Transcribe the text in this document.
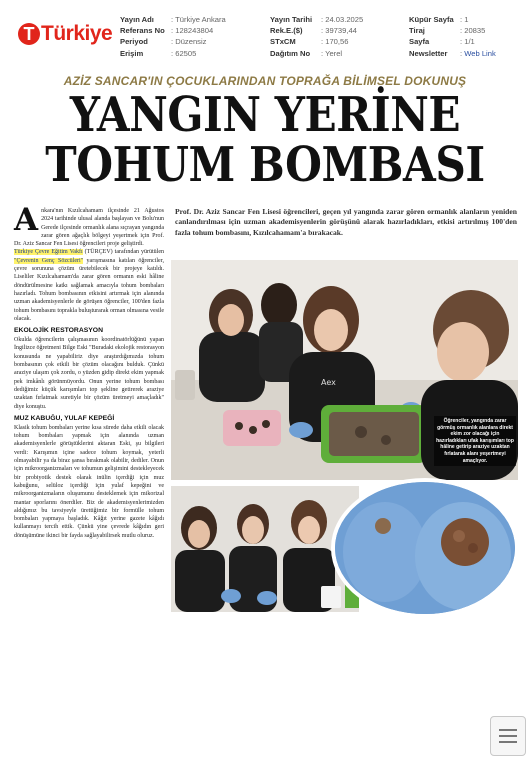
T Türkiye
Yayın Adı	: Türkiye Ankara
Referans No : 128243804
Periyod	: Düzensiz
Erişim	: 62505
Yayın Tarihi	: 24.03.2025
Rek.E.($)	: 39739,44
STxCM	: 170,56
Dağıtım No	: Yerel
Küpür Sayfa : 1
Tiraj	: 20835
Sayfa	: 1/1
Newsletter	: Web Link
AZİZ SANCAR'IN ÇOCUKLARINDAN TOPRAĞA BİLİMSEL DOKUNUŞ
YANGIN YERİNE
TOHUM BOMBASI

Ankara'nın Kızılcahamam ilçesinde 21 Ağustos 2024 tarihinde ulusal alanda başlayan ve Bolu'nun Gerede ilçesinde ormanlık alana sıçrayan yangında zarar gören ağaçlık bölgeyi yeşertmek için Prof. Dr. Aziz Sancar Fen Lisesi öğrencileri proje geliştirdi.

Türkiye Çevre Eğitim Vakfı (TÜRÇEV) tarafından yürütülen "Çevrenin Genç Sözcüleri" yarışmasına katılan öğrenciler, çevre sorununa çözüm üretebilecek bir projeye katıldı. Liseliler Kızılcahamam'da zarar gören ormanın eski hâline döndürülmesine katkı sağlamak amacıyla tohum bombaları hazırladı. Tohum bombasının etkisini artırmak için alanında uzman akademisyenlerle de görüşen öğrenciler, 100'den fazla tohum bombasını toprakla buluşturarak orman olmasına vesile olacak.

EKOLOJİK RESTORASYON

Okulda öğrencilerin çalışmasının koordinatörlüğünü yapan İngilizce öğretmeni Bilge Eski "Buradaki ekolojik restorasyon konusunda ne yapabiliriz diye araştırdığımızda tohum bombasının çok etkili bir çözüm olacağını bulduk. Çünkü araziye ulaşım çok zordu, o yüzden gidip direkt ekim yapmak pek imkânlı görünmüyordu. Onun yerine tohum bombası dediğimiz küçük karışımları top şekline getirerek araziye uzaktan fırlatmak suretiyle bir çözüm üretmeyi amaçladık" diye konuştu.

MUZ KABUĞU, YULAF KEPEĞİ

Klasik tohum bombaları yerine kısa sürede daha etkili olacak tohum bombaları yapmak için alanında uzman akademisyenlerle görüştüklerini aktaran Eski, şu bilgileri verdi: Karışımın içine sadece tohum koymak, yeterli olmayabilir ya da biraz şansa bırakmak olabilir, dediler. Onun için mikroorganizmaları ve tohumun gelişimini destekleyecek bir probiyotik destek olarak inülin içerdiği için muz kabuğunu, selüloz içerdiği için yulaf kepeğini ve mikroorganizmaların oluşumunu desteklemek için mikorizal mantar sporlarını önerdiler. Biz de akademisyenlerimizden aldığımız bu tavsiyeyle ürettiğimiz bir formülle tohum bombaları yapmaya başladık. Kâğıt yerine gazete kâğıdı kullanmayı tercih ettik. Çünkü yine çevrede kâğıdın geri dönüşümüne ikinci bir fayda sağlayabilirsek mutlu oluruz.

Prof. Dr. Aziz Sancar Fen Lisesi öğrencileri, geçen yıl yangında zarar gören ormanlık alanların yeniden canlandırılması için uzman akademisyenlerin görüşünü alarak hazırladıkları, etkisi artırılmış 100'den fazla tohum bombasını, Kızılcahamam'a bırakacak.
Aex
Öğrenciler, yangında zarar görmüş ormanlık alanlara direkt ekim zor olacağı için hazırladıkları ufak karışımları top hâline getirip araziye uzaktan fırlatarak alanı yeşertmeyi amaçlıyor.
